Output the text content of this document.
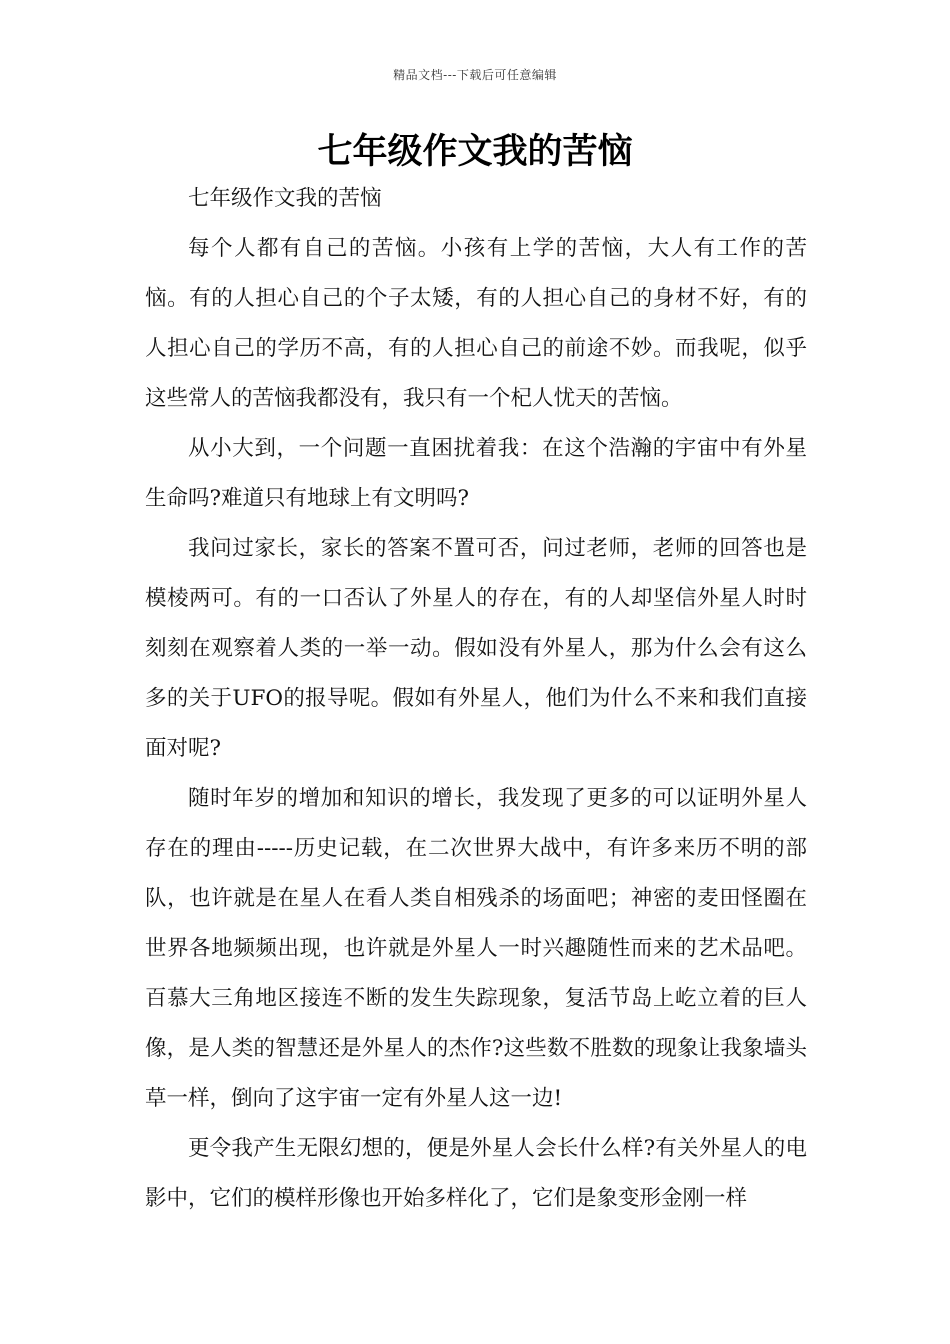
精品文档---下载后可任意编辑
七年级作文我的苦恼

七年级作文我的苦恼

每个人都有自己的苦恼。小孩有上学的苦恼，大人有工作的苦恼。有的人担心自己的个子太矮，有的人担心自己的身材不好，有的人担心自己的学历不高，有的人担心自己的前途不妙。而我呢，似乎这些常人的苦恼我都没有，我只有一个杞人忧天的苦恼。

从小大到，一个问题一直困扰着我：在这个浩瀚的宇宙中有外星生命吗?难道只有地球上有文明吗?

我问过家长，家长的答案不置可否，问过老师，老师的回答也是模棱两可。有的一口否认了外星人的存在，有的人却坚信外星人时时刻刻在观察着人类的一举一动。假如没有外星人，那为什么会有这么多的关于UFO的报导呢。假如有外星人，他们为什么不来和我们直接面对呢?

随时年岁的增加和知识的增长，我发现了更多的可以证明外星人存在的理由-----历史记载，在二次世界大战中，有许多来历不明的部队，也许就是在星人在看人类自相残杀的场面吧；神密的麦田怪圈在世界各地频频出现，也许就是外星人一时兴趣随性而来的艺术品吧。百慕大三角地区接连不断的发生失踪现象，复活节岛上屹立着的巨人像，是人类的智慧还是外星人的杰作?这些数不胜数的现象让我象墙头草一样，倒向了这宇宙一定有外星人这一边!

更令我产生无限幻想的，便是外星人会长什么样?有关外星人的电影中，它们的模样形像也开始多样化了，它们是象变形金刚一样
